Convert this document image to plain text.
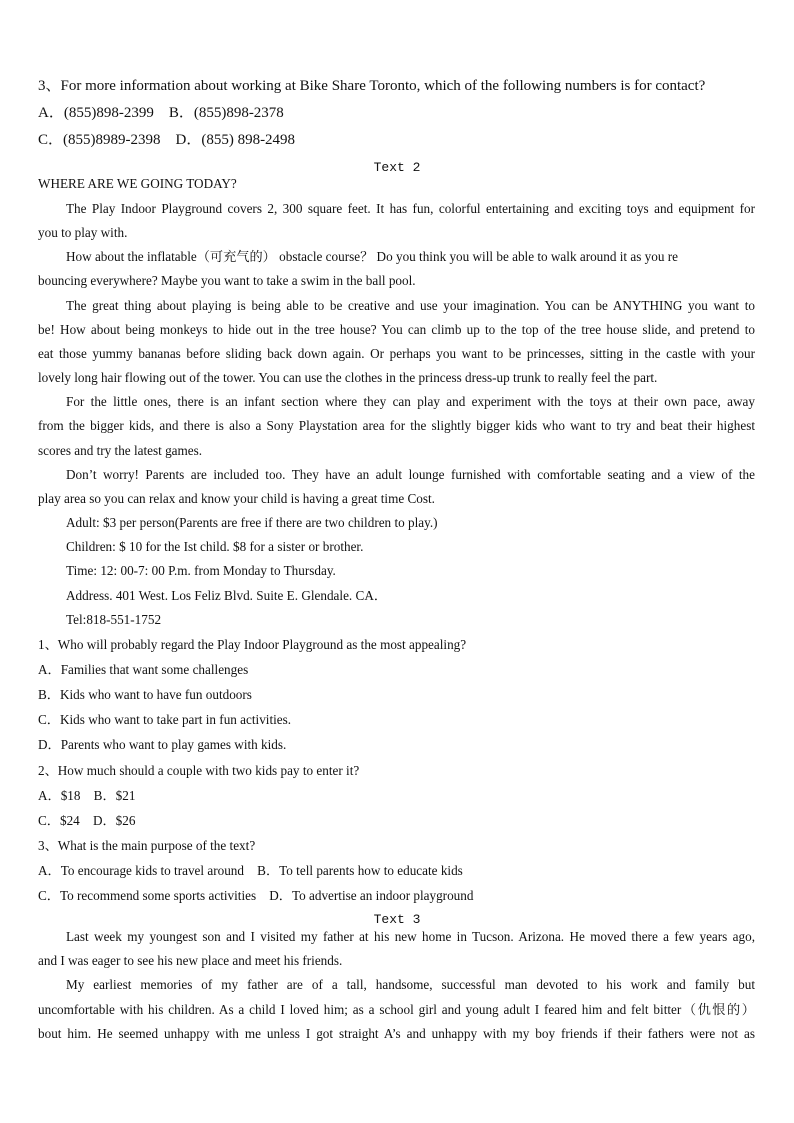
3、For more information about working at Bike Share Toronto, which of the following numbers is for contact?
A．(855)898-2399　B．(855)898-2378
C．(855)8989-2398　D．(855) 898-2498
Text 2
WHERE ARE WE GOING TODAY?
The Play Indoor Playground covers 2, 300 square feet. It has fun, colorful entertaining and exciting toys and equipment for
you to play with.
How about the inflatable（可充气的） obstacle course？ Do you think you will be able to walk around it as you re
bouncing everywhere? Maybe you want to take a swim in the ball pool.
The great thing about playing is being able to be creative and use your imagination. You can be ANYTHING you want to
be! How about being monkeys to hide out in the tree house? You can climb up to the top of the tree house slide, and pretend to
eat those yummy bananas before sliding back down again. Or perhaps you want to be princesses, sitting in the castle with your
lovely long hair flowing out of the tower. You can use the clothes in the princess dress-up trunk to really feel the part.
For the little ones, there is an infant section where they can play and experiment with the toys at their own pace, away
from the bigger kids, and there is also a Sony Playstation area for the slightly bigger kids who want to try and beat their highest
scores and try the latest games.
Don’t worry! Parents are included too. They have an adult lounge furnished with comfortable seating and a view of the
play area so you can relax and know your child is having a great time Cost.
Adult: $3 per person(Parents are free if there are two children to play.)
Children: $ 10 for the Ist child. $8 for a sister or brother.
Time: 12: 00-7: 00 P.m. from Monday to Thursday.
Address. 401 West. Los Feliz Blvd. Suite E. Glendale. CA．
Tel:818-551-1752
1、Who will probably regard the Play Indoor Playground as the most appealing?
A．Families that want some challenges
B．Kids who want to have fun outdoors
C．Kids who want to take part in fun activities.
D．Parents who want to play games with kids.
2、How much should a couple with two kids pay to enter it?
A．$18　B．$21
C．$24　D．$26
3、What is the main purpose of the text?
A．To encourage kids to travel around　B．To tell parents how to educate kids
C．To recommend some sports activities　D．To advertise an indoor playground
Text 3
Last week my youngest son and I visited my father at his new home in Tucson. Arizona. He moved there a few years ago,
and I was eager to see his new place and meet his friends.
My earliest memories of my father are of a tall, handsome, successful man devoted to his work and family but
uncomfortable with his children. As a child I loved him; as a school girl and young adult I feared him and felt bitter（仇恨的）
bout him. He seemed unhappy with me unless I got straight A’s and unhappy with my boy friends if their fathers were not as
